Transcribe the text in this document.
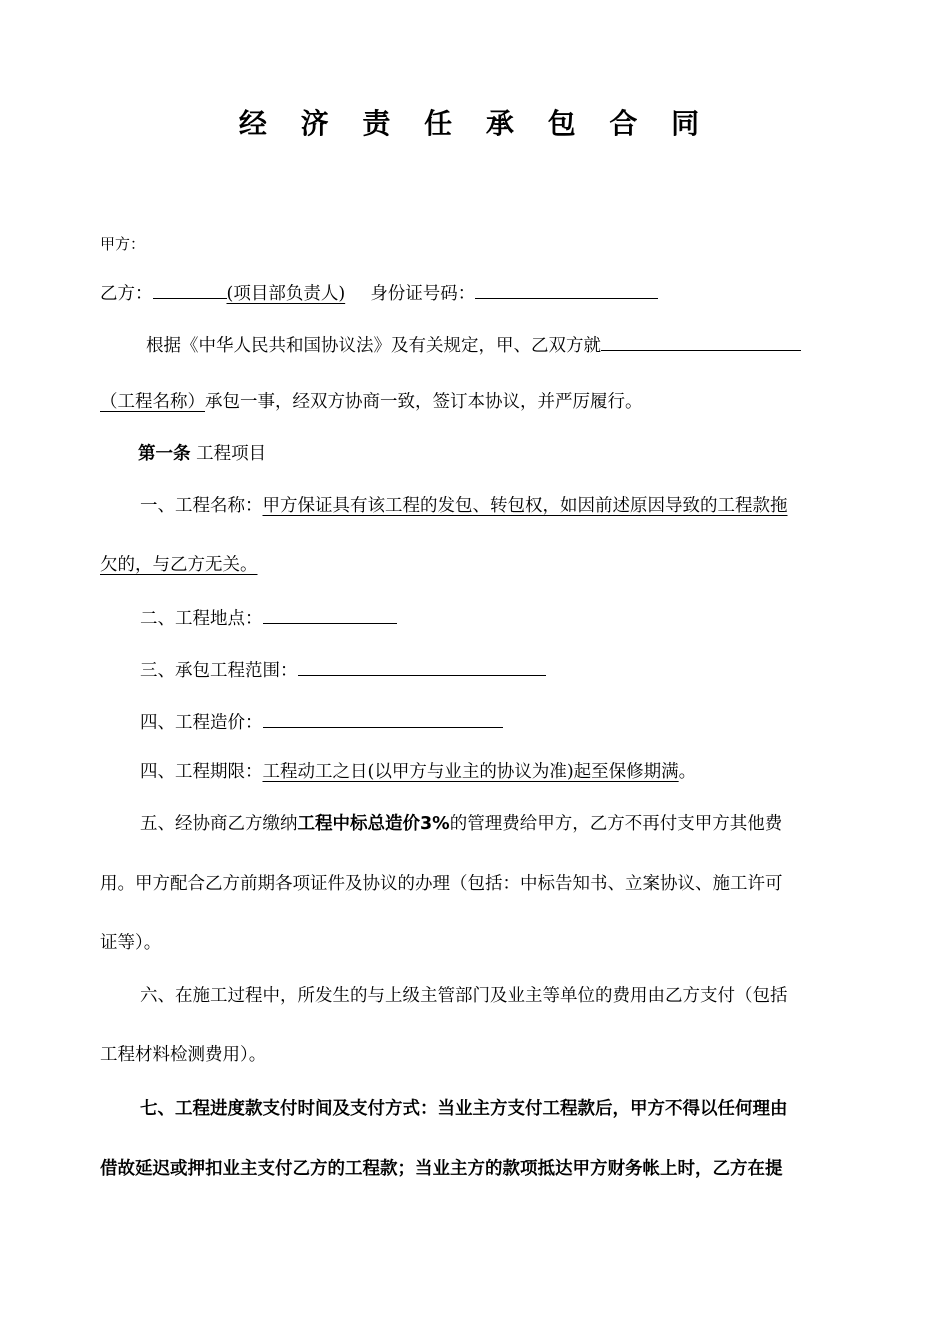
经 济 责 任 承 包 合 同
甲方：
乙方：	(项目部负责人) 身份证号码：
根据《中华人民共和国协议法》及有关规定，甲、乙双方就
（工程名称）承包一事，经双方协商一致，签订本协议，并严厉履行。
第一条 工程项目
一、工程名称：甲方保证具有该工程的发包、转包权，如因前述原因导致的工程款拖
欠的，与乙方无关。
二、工程地点：
三、承包工程范围：
四、工程造价：
四、工程期限：工程动工之日(以甲方与业主的协议为准)起至保修期满。
五、经协商乙方缴纳工程中标总造价3%的管理费给甲方，乙方不再付支甲方其他费
用。甲方配合乙方前期各项证件及协议的办理（包括：中标告知书、立案协议、施工许可
证等）。
六、在施工过程中，所发生的与上级主管部门及业主等单位的费用由乙方支付（包括
工程材料检测费用）。
七、工程进度款支付时间及支付方式：当业主方支付工程款后，甲方不得以任何理由
借故延迟或押扣业主支付乙方的工程款；当业主方的款项抵达甲方财务帐上时，乙方在提
